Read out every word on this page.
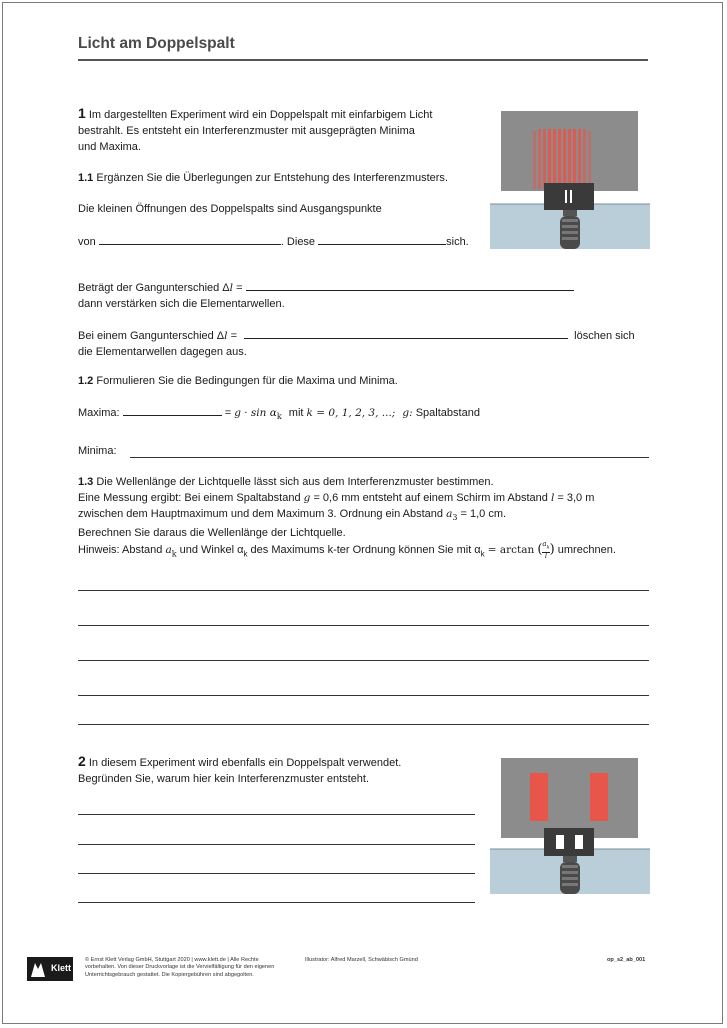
Licht am Doppelspalt
1 Im dargestellten Experiment wird ein Doppelspalt mit einfarbigem Licht
bestrahlt. Es entsteht ein Interferenzmuster mit ausgeprägten Minima
und Maxima.
1.1 Ergänzen Sie die Überlegungen zur Entstehung des Interferenzmusters.
Die kleinen Öffnungen des Doppelspalts sind Ausgangspunkte
von	. Diese	sich.
Beträgt der Gangunterschied Δl =
dann verstärken sich die Elementarwellen.
Bei einem Gangunterschied Δl =	löschen sich
die Elementarwellen dagegen aus.
1.2 Formulieren Sie die Bedingungen für die Maxima und Minima.
Maxima:	= $g \cdot \sin \alpha_k$ mit k = 0, 1, 2, 3, ...; g: Spaltabstand
Minima:
1.3 Die Wellenlänge der Lichtquelle lässt sich aus dem Interferenzmuster bestimmen.
Eine Messung ergibt: Bei einem Spaltabstand g = 0,6 mm entsteht auf einem Schirm im Abstand l = 3,0 m
zwischen dem Hauptmaximum und dem Maximum 3. Ordnung ein Abstand $a_3 = 1,0$ cm.
Berechnen Sie daraus die Wellenlänge der Lichtquelle.
Hinweis: Abstand $a_k$ und Winkel $\alpha_k$ des Maximums k-ter Ordnung können Sie mit $\alpha_k = \arctan$ ( $\frac{a_k}{l}$ ) umrechnen.
2 In diesem Experiment wird ebenfalls ein Doppelspalt verwendet.
Begründen Sie, warum hier kein Interferenzmuster entsteht.
Klett
© Ernst Klett Verlag GmbH, Stuttgart 2020 | www.klett.de | Alle Rechte
vorbehalten. Von dieser Druckvorlage ist die Vervielfältigung für den eigenen
Unterrichtsgebrauch gestattet. Die Kopiergebühren sind abgegolten.
Illustrator: Alfred Marzell, Schwäbisch Gmünd	op_s2_ab_001
